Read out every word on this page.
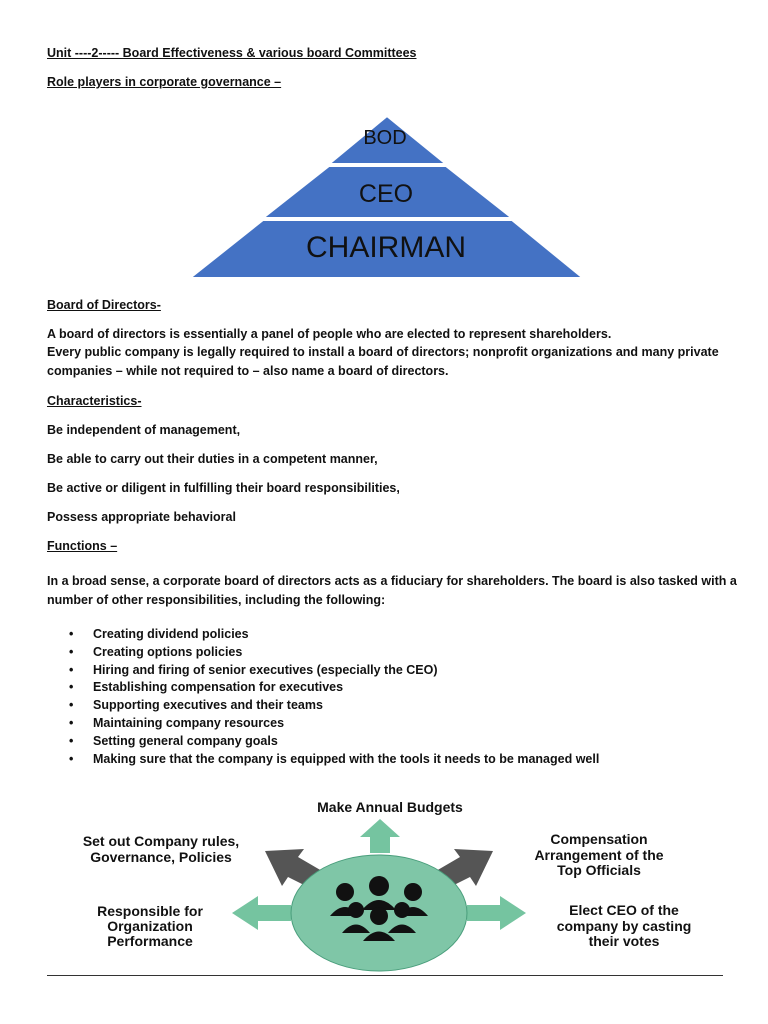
Unit ----2----- Board Effectiveness & various board Committees
Role players in corporate governance –
BOD
CEO
CHAIRMAN
Board of Directors-
A board of directors is essentially a panel of people who are elected to represent shareholders.
Every public company is legally required to install a board of directors; nonprofit organizations and many private companies – while not required to – also name a board of directors.
Characteristics-
Be independent of management,
Be able to carry out their duties in a competent manner,
Be active or diligent in fulfilling their board responsibilities,
Possess appropriate behavioral
Functions –
In a broad sense, a corporate board of directors acts as a fiduciary for shareholders. The board is also tasked with a number of other responsibilities, including the following:
• Creating dividend policies
• Creating options policies
• Hiring and firing of senior executives (especially the CEO)
• Establishing compensation for executives
• Supporting executives and their teams
• Maintaining company resources
• Setting general company goals
• Making sure that the company is equipped with the tools it needs to be managed well
Make Annual Budgets
Set out Company rules,
Governance, Policies
Compensation
Arrangement of the
Top Officials
Responsible for
Organization
Performance
Elect CEO of the
company by casting
their votes
